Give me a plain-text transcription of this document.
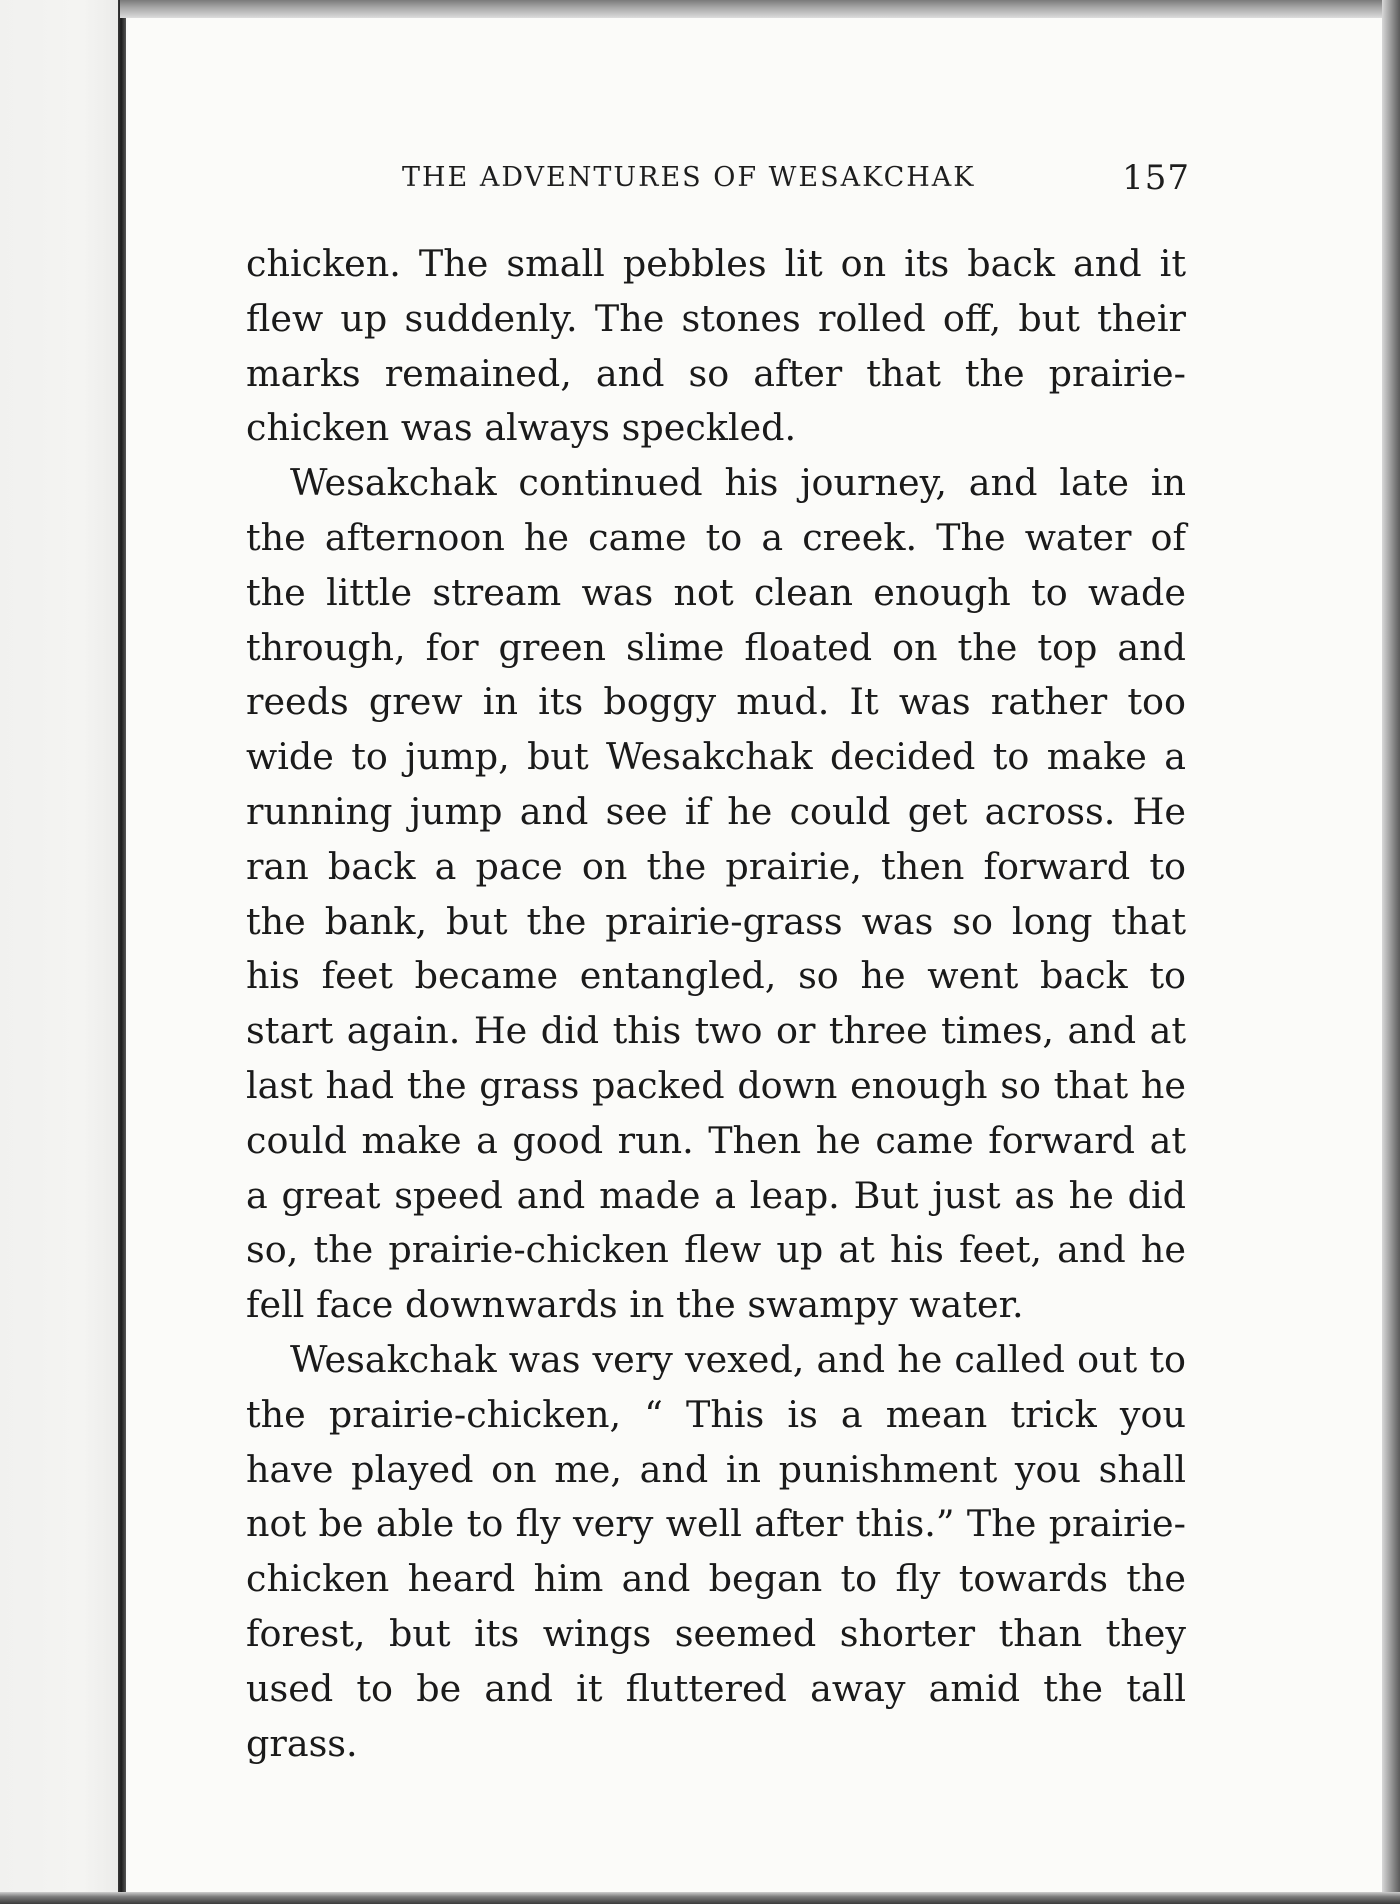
THE ADVENTURES OF WESAKCHAK	157

chicken. The small pebbles lit on its back and it flew up suddenly. The stones rolled off, but their marks remained, and so after that the prairie-chicken was always speckled.

Wesakchak continued his journey, and late in the afternoon he came to a creek. The water of the little stream was not clean enough to wade through, for green slime floated on the top and reeds grew in its boggy mud. It was rather too wide to jump, but Wesakchak decided to make a running jump and see if he could get across. He ran back a pace on the prairie, then forward to the bank, but the prairie-grass was so long that his feet became entangled, so he went back to start again. He did this two or three times, and at last had the grass packed down enough so that he could make a good run. Then he came forward at a great speed and made a leap. But just as he did so, the prairie-chicken flew up at his feet, and he fell face downwards in the swampy water.

Wesakchak was very vexed, and he called out to the prairie-chicken, “ This is a mean trick you have played on me, and in punishment you shall not be able to fly very well after this.” The prairie-chicken heard him and began to fly towards the forest, but its wings seemed shorter than they used to be and it fluttered away amid the tall grass.
